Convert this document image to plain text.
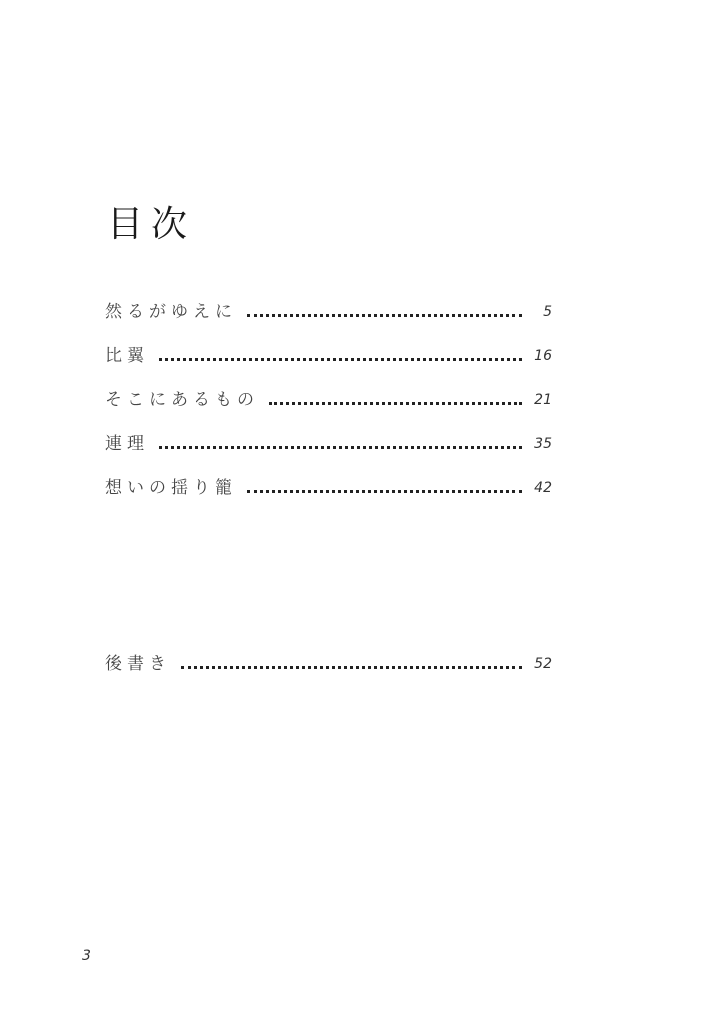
目次
然るがゆえに	5
比翼	16
そこにあるもの	21
連理	35
想いの揺り籠	42
後書き	52
3
